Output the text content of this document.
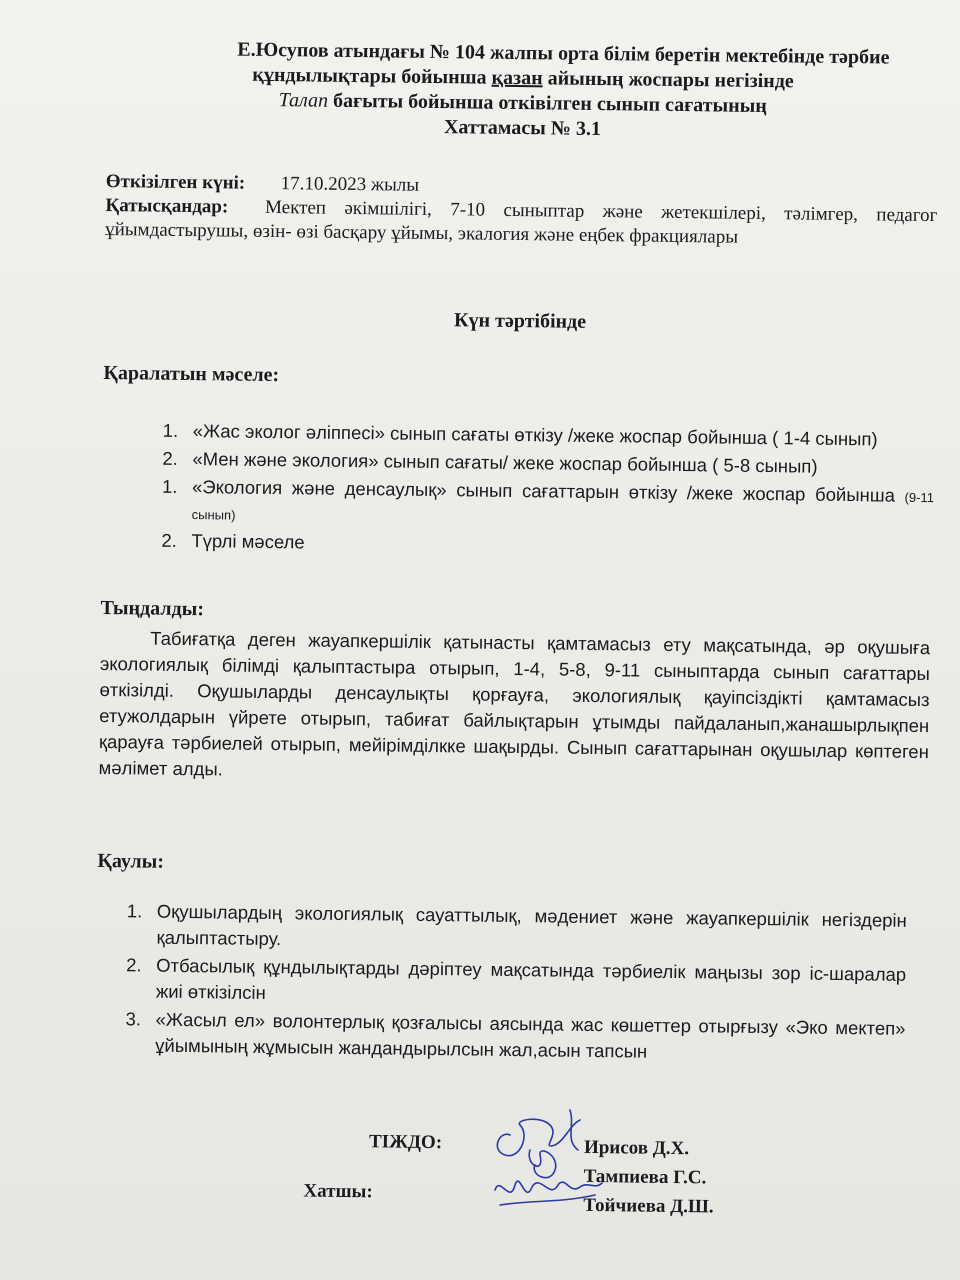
Е.Юсупов атындағы № 104 жалпы орта білім беретін мектебінде тәрбие
құндылықтары бойынша қазан айының жоспары негізінде
Талап бағыты бойынша отківілген сынып сағатының
Хаттамасы № 3.1
Өткізілген күні: 17.10.2023 жылы
Қатысқандар: Мектеп әкімшілігі, 7-10 сыныптар және жетекшілері, тәлімгер, педагог ұйымдастырушы, өзін- өзі басқару ұйымы, экалогия және еңбек фракциялары
Күн тәртібінде
Қаралатын мәселе:
1. «Жас эколог әліппесі» сынып сағаты өткізу /жеке жоспар бойынша ( 1-4 сынып)
2. «Мен және экология» сынып сағаты/ жеке жоспар бойынша ( 5-8 сынып)
1. «Экология және денсаулық» сынып сағаттарын өткізу /жеке жоспар бойынша (9-11 сынып)
2. Түрлі мәселе
Тыңдалды:
Табиғатқа деген жауапкершілік қатынасты қамтамасыз ету мақсатында, әр оқушыға экологиялық білімді қалыптастыра отырып, 1-4, 5-8, 9-11 сыныптарда сынып сағаттары өткізілді. Оқушыларды денсаулықты қорғауға, экологиялық қауіпсіздікті қамтамасыз етужолдарын үйрете отырып, табиғат байлықтарын ұтымды пайдаланып,жанашырлықпен қарауға тәрбиелей отырып, мейірімділкке шақырды. Сынып сағаттарынан оқушылар көптеген мәлімет алды.
Қаулы:
1. Оқушылардың экологиялық сауаттылық, мәдениет және жауапкершілік негіздерін қалыптастыру.
2. Отбасылық құндылықтарды дәріптеу мақсатында тәрбиелік маңызы зор іс-шаралар жиі өткізілсін
3. «Жасыл ел» волонтерлық қозғалысы аясында жас көшеттер отырғызу «Эко мектеп» ұйымының жұмысын жандандырылсын жал,асын тапсын
ТІЖДО:
Хатшы:
Ирисов Д.Х.
Тампиева Г.С.
Тойчиева Д.Ш.
